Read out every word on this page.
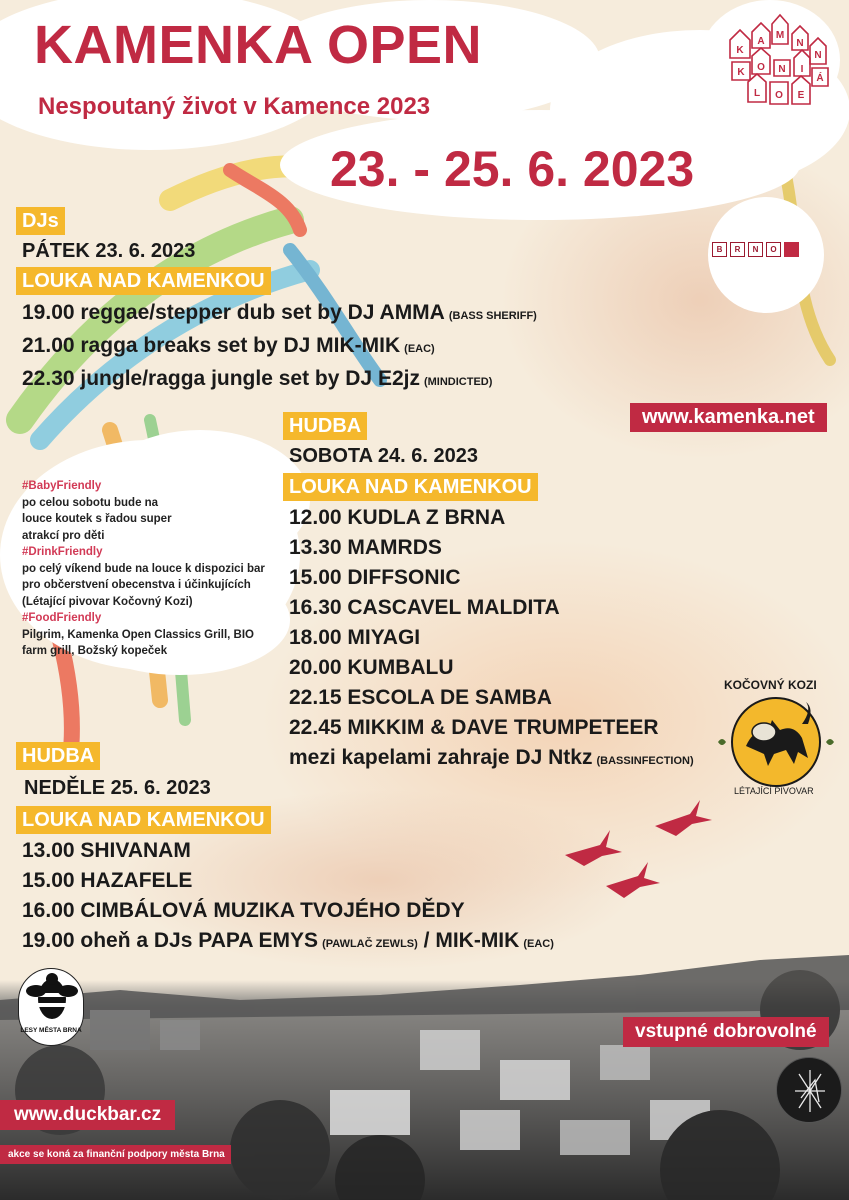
K
A
M
N
N
K O N I
Á
L O E
KAMENKA OPEN
Nespoutaný život v Kamence 2023
23. - 25. 6. 2023
B	R	N	O
DJs
PÁTEK 23. 6. 2023
LOUKA NAD KAMENKOU
19.00 reggae/stepper dub set by DJ AMMA (BASS SHERIFF)
21.00 ragga breaks set by DJ MIK-MIK (EAC)
22.30 jungle/ragga jungle set by DJ E2jz (MINDICTED)
www.kamenka.net
HUDBA
SOBOTA 24. 6. 2023
LOUKA NAD KAMENKOU
12.00 KUDLA Z BRNA
13.30 MAMRDS
15.00 DIFFSONIC
16.30 CASCAVEL MALDITA
18.00 MIYAGI
20.00 KUMBALU
22.15 ESCOLA DE SAMBA
22.45 MIKKIM & DAVE TRUMPETEER
mezi kapelami zahraje DJ Ntkz (BASSINFECTION)
#BabyFriendly
po celou sobotu bude na louce koutek s řadou super atrakcí pro děti
#DrinkFriendly
po celý víkend bude na louce k dispozici bar pro občerstvení obecenstva i účinkujících (Létající pivovar Kočovný Kozi)
#FoodFriendly
Pilgrim, Kamenka Open Classics Grill, BIO farm grill, Božský kopeček
KOČOVNÝ KOZI
LÉTAJÍCÍ PIVOVAR
HUDBA
NEDĚLE 25. 6. 2023
LOUKA NAD KAMENKOU
13.00 SHIVANAM
15.00 HAZAFELE
16.00 CIMBÁLOVÁ MUZIKA TVOJÉHO DĚDY
19.00 oheň a DJs PAPA EMYS (PAWLAČ ZEWLS) / MIK-MIK (EAC)
LESY MĚSTA BRNA	vstupné dobrovolné
www.duckbar.cz
akce se koná za finanční podpory města Brna
